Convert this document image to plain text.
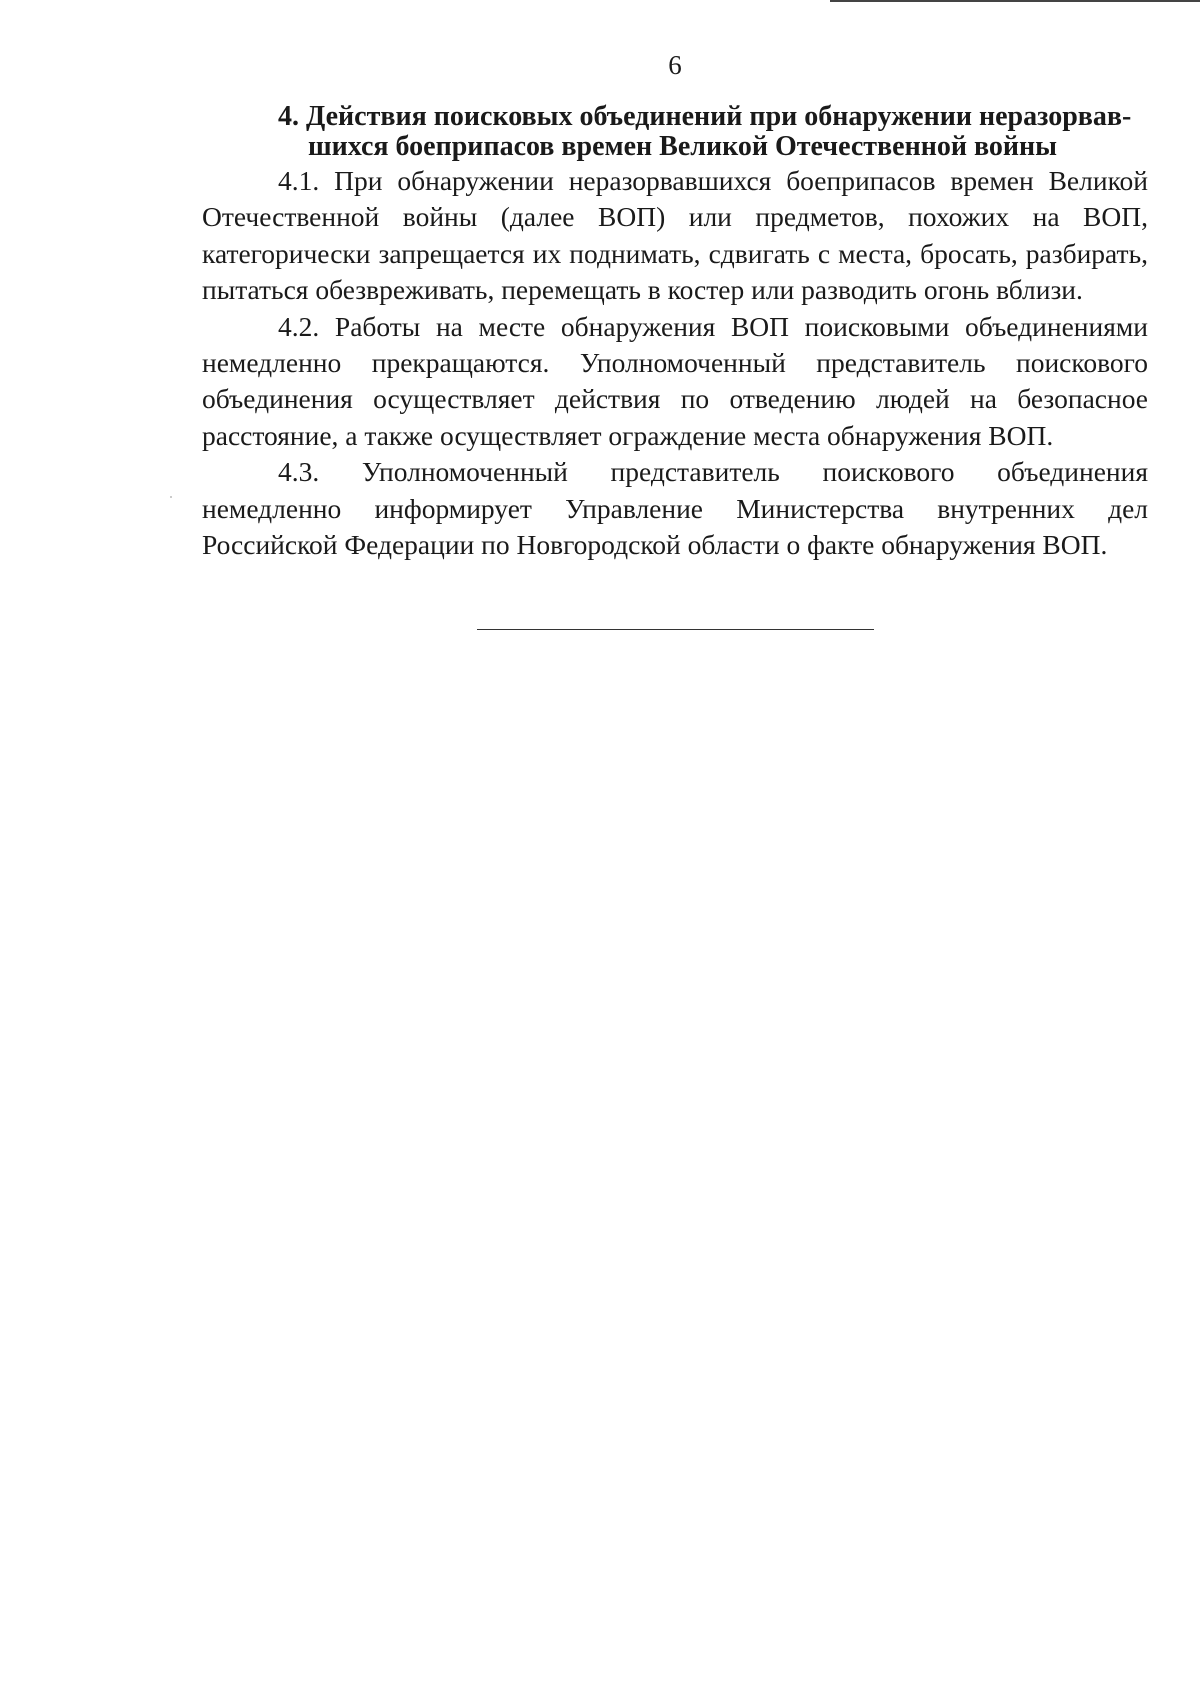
6
4. Действия поисковых объединений при обнаружении неразорвав-
шихся боеприпасов времен Великой Отечественной войны

4.1. При обнаружении неразорвавшихся боеприпасов времен Великой Отечественной войны (далее ВОП) или предметов, похожих на ВОП, категорически запрещается их поднимать, сдвигать с места, бросать, разбирать, пытаться обезвреживать, перемещать в костер или разводить огонь вблизи.

4.2. Работы на месте обнаружения ВОП поисковыми объединениями немедленно прекращаются. Уполномоченный представитель поискового объединения осуществляет действия по отведению людей на безопасное расстояние, а также осуществляет ограждение места обнаружения ВОП.

4.3. Уполномоченный представитель поискового объединения немедленно информирует Управление Министерства внутренних дел Российской Федерации по Новгородской области о факте обнаружения ВОП.
